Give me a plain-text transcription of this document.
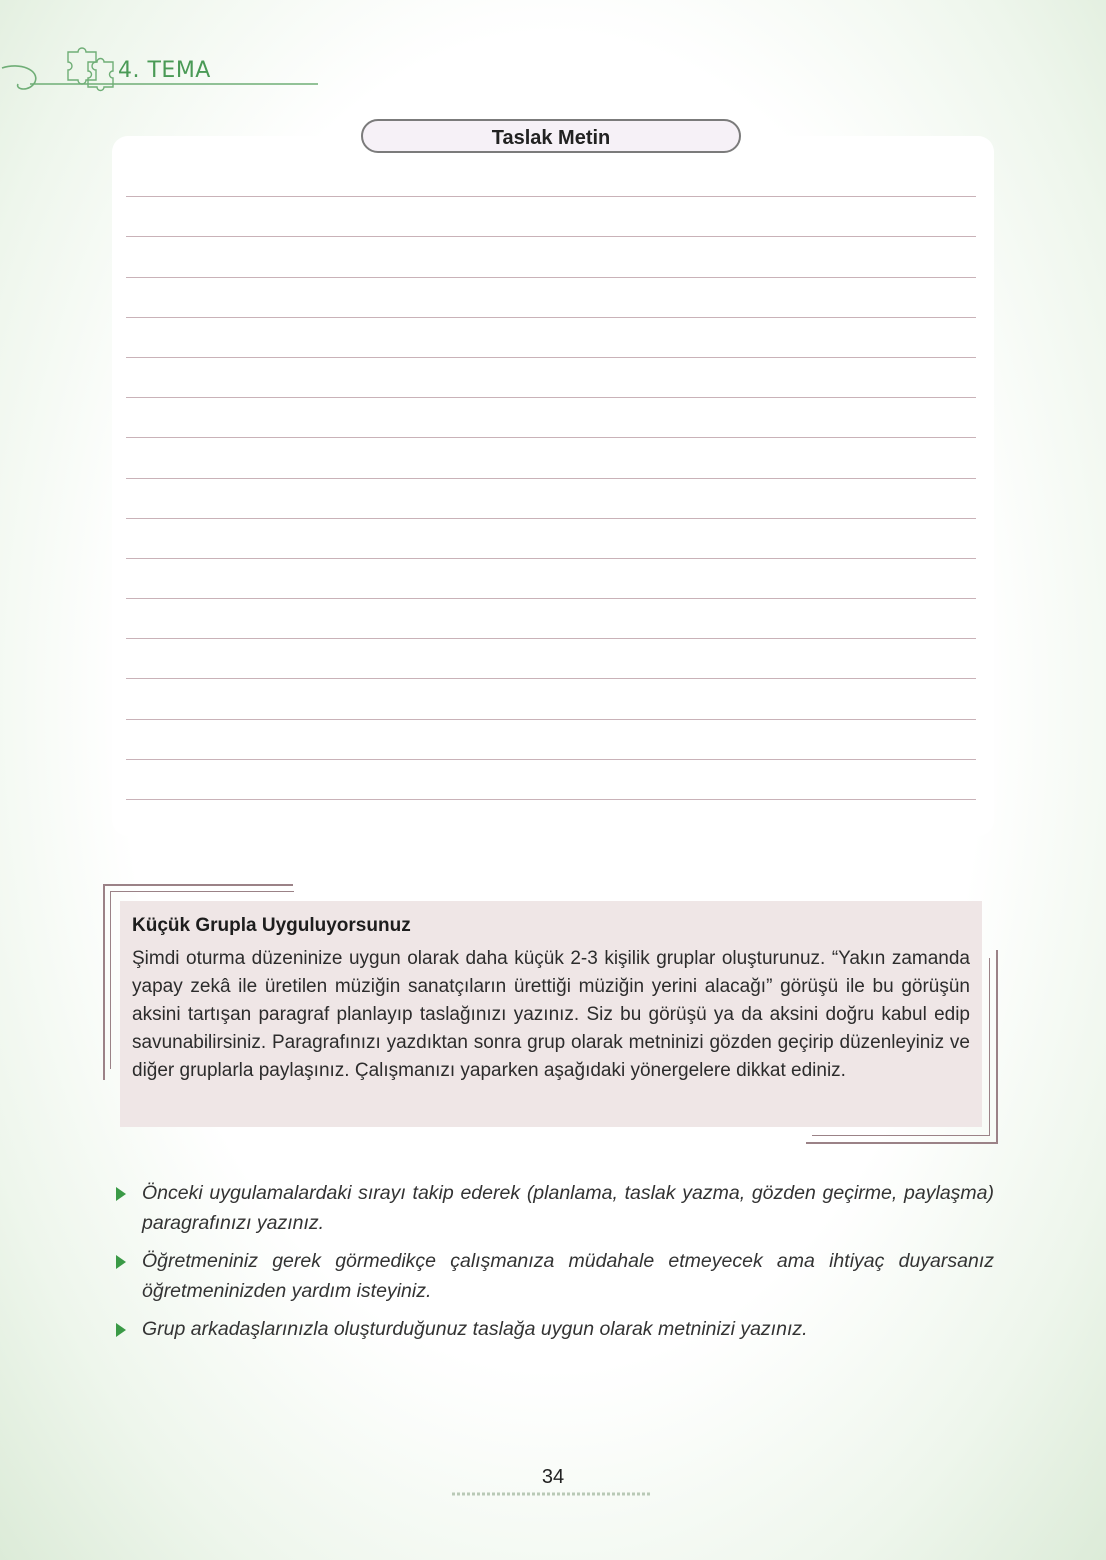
4. TEMA
Taslak Metin

Küçük Grupla Uyguluyorsunuz

Şimdi oturma düzeninize uygun olarak daha küçük 2-3 kişilik gruplar oluşturunuz. “Yakın zamanda yapay zekâ ile üretilen müziğin sanatçıların ürettiği müziğin yerini alacağı” görüşü ile bu görüşün aksini tartışan paragraf planlayıp taslağınızı yazınız. Siz bu görüşü ya da aksini doğru kabul edip savunabilirsiniz. Paragrafınızı yazdıktan sonra grup olarak metninizi gözden geçirip düzenleyiniz ve diğer gruplarla paylaşınız. Çalışmanızı yaparken aşağıdaki yönergelere dikkat ediniz.

Önceki uygulamalardaki sırayı takip ederek (planlama, taslak yazma, gözden geçirme, paylaşma) paragrafınızı yazınız.

Öğretmeniniz gerek görmedikçe çalışmanıza müdahale etmeyecek ama ihtiyaç duyarsanız öğretmeninizden yardım isteyiniz.

Grup arkadaşlarınızla oluşturduğunuz taslağa uygun olarak metninizi yazınız.

34
